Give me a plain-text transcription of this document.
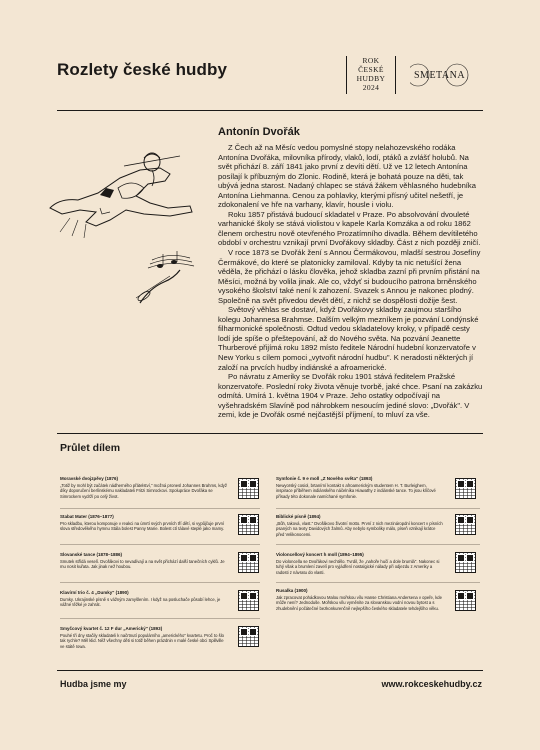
Rozlety české hudby	ROK
ČESKÉ
HUDBY
2024
SMETANA
Antonín Dvořák

Z Čech až na Měsíc vedou pomyslné stopy nelahozevského rodáka Antonína Dvořáka, milovníka přírody, vlaků, lodí, ptáků a zvlášť holubů. Na svět přichází 8. září 1841 jako první z devíti dětí. Už ve 12 letech Antonína posílají k příbuzným do Zlonic. Rodině, která je bohatá pouze na děti, tak ubývá jedna starost. Nadaný chlapec se stává žákem věhlasného hudebníka Antonína Liehmanna. Cenou za pohlavky, kterými přísný učitel nešetří, je zdokonalení ve hře na varhany, klavír, housle i violu.

Roku 1857 přistává budoucí skladatel v Praze. Po absolvování dvouleté varhanické školy se stává violistou v kapele Karla Komzáka a od roku 1862 členem orchestru nově otevřeného Prozatímního divadla. Během devítiletého období v orchestru vznikají první Dvořákovy skladby. Část z nich později zničí.

V roce 1873 se Dvořák žení s Annou Čermákovou, mladší sestrou Josefíny Čermákové, do které se platonicky zamiloval. Kdyby ta nic netušící žena věděla, že přichází o lásku člověka, jehož skladba zazní při prvním přistání na Měsíci, možná by volila jinak. Ale co, vždyť si budoucího patrona brněnského vysokého školství také není k zahození. Svazek s Annou je nakonec plodný. Společně na svět přivedou devět dětí, z nichž se dospělosti dožije šest.

Světový věhlas se dostaví, když Dvořákovy skladby zaujmou staršího kolegu Johannesa Brahmse. Dalším velkým mezníkem je pozvání Londýnské filharmonické společnosti. Odtud vedou skladatelovy kroky, v případě cesty lodí jde spíše o přeštepování, až do Nového světa. Na pozvání Jeanette Thurberové přijímá roku 1892 místo ředitele Národní hudební konzervatoře v New Yorku s cílem pomoci „vytvořit národní hudbu". K neradosti některých jí založí na prvcích hudby indiánské a afroamerické.

Po návratu z Ameriky se Dvořák roku 1901 stává ředitelem Pražské konzervatoře. Poslední roky života věnuje tvorbě, jaké chce. Psaní na zakázku odmítá. Umírá 1. května 1904 v Praze. Jeho ostatky odpočívají na vyšehradském Slavíně pod náhrobkem nesoucím jediné slovo: „Dvořák". V zemi, kde je Dvořák osmé nejčastější příjmení, to mluví za vše.

Průlet dílem
Moravské dvojzpěvy (1876)
„Totiž by mohl být začátek nádherného přátelství," možná pronesl Johannes Brahms, když díky doporučení berlínskému nakladateli Fritzi Simrockovi. Spolupráce Dvořáka se Simrockem vydrží po celý život.
Stabat Mater (1876–1877)
Pro skladbu, kterou komponuje v reakci na úmrtí svých prvních tří dětí, si vypůjčuje první slova středověkého hymnu Stála bolest Panny Marie. Bolest ctí tálavé steplé jako mamy.
Slovanské tance (1878–1886)
Smutek střídá veselí. Dvořákovi to nevadívají a na svět přichází další tanečních cyklů. Je mu nosit kuřata. Jak jinak než houbou.
Klavírní trio č. 4 „Dumky" (1890)
Dumky. Ukrajinské písně s vážným zamyšlením. I když na posluchače působí lehce, je vážné těžké je zahrát.
Smyčcový kvartet č. 12 F dur „Americký" (1893)
Pouhé tři dny stačily skladateli k načrtnutí populárního „amerického" kvartetu. Proč to šlo tak rychle? Měl klid. Něž všechny děti si totiž běhen prázdnin v malé české obci Spillville ve státě Iowa.
Symfonie č. 9 e moll „Z Nového světa" (1893)
Newyorský cosiol, brtanírní kontakt s afroamerickým studentem H. T. Burleighem, inspirace příběhem indiánského náčelníka Hiawathy z indiánské tance. To jsou klíčové přísady této dokonale namíchané symfonie.
Biblické písně (1894)
„Bůh, taková, vlast." Dvořákovo životní motto. První z nich mezináropdní koncert v písních psaných na texty Davidových žalmů. Aby nebylo symboliky málo, píseň vznikají krátce před Velikonocemi.
Violoncellový koncert h moll (1894–1895)
Do violoncella se Dvořákovi nechtělo. Tvrdil, že „nahoře hučí a dole brumlá". Nakonec si tuhý však a brumlení zavelí pro vyjádření nostalgické nálady při odjezdu z Ameriky a radosti z návratu do vlasti.
Rusalka (1900)
Jak zpracovat pohádkovou Malou mořskou vílu Hanse Christiana Andersena v opeře, kde může není? Jednoduše. Mořskou vílu vyměníte za slovanskou vodní novou bytost a s zhudebnění počátečné bezkonkurenčně nejlepšího českého skladatele tehdejšího věku.
Hudba jsme my	www.rokceskehudby.cz
